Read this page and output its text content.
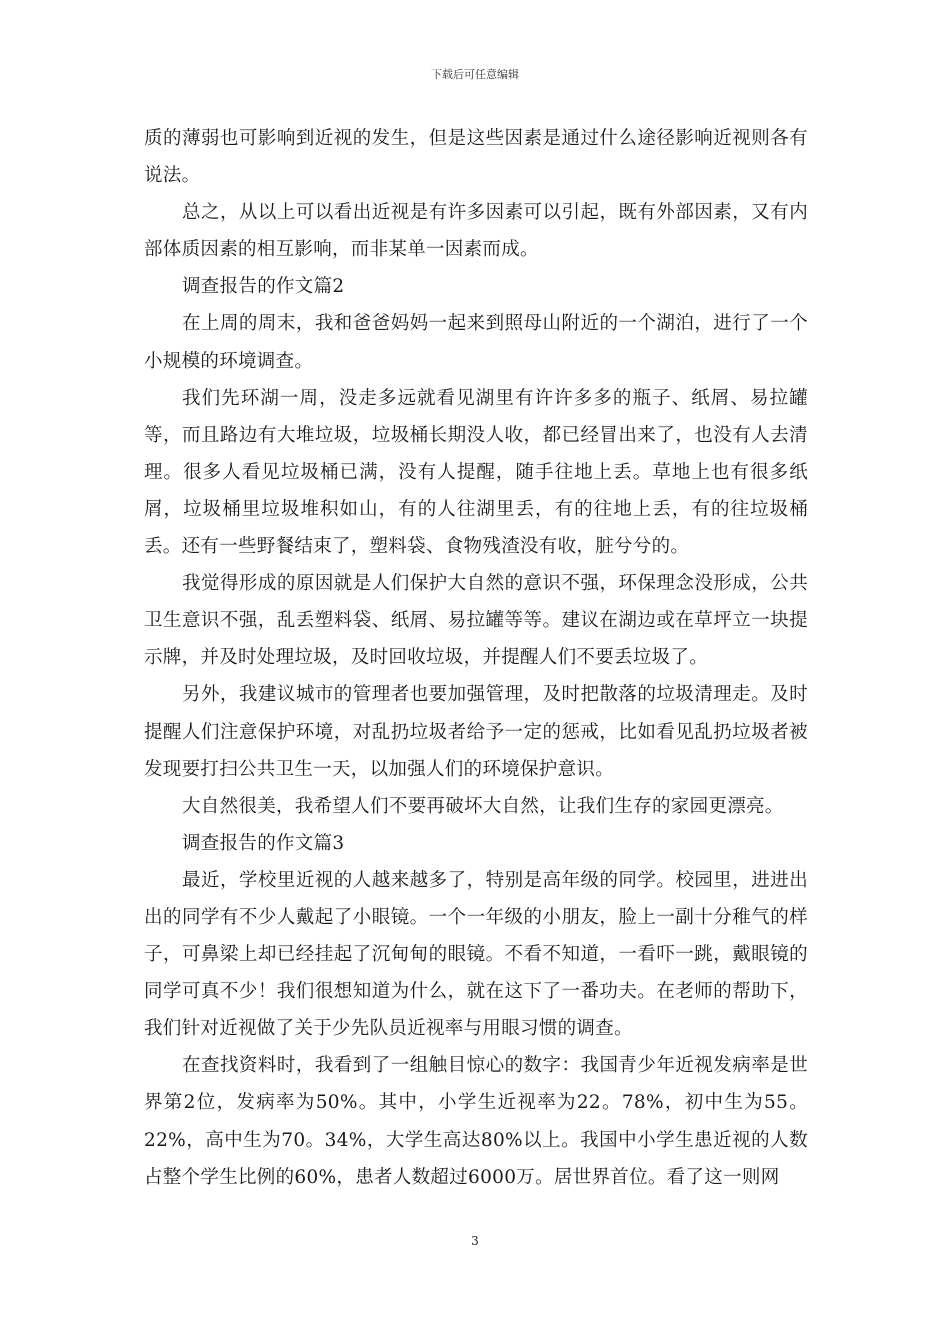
下载后可任意编辑

质的薄弱也可影响到近视的发生，但是这些因素是通过什么途径影响近视则各有说法。

总之，从以上可以看出近视是有许多因素可以引起，既有外部因素，又有内部体质因素的相互影响，而非某单一因素而成。

调查报告的作文篇2

在上周的周末，我和爸爸妈妈一起来到照母山附近的一个湖泊，进行了一个小规模的环境调查。

我们先环湖一周，没走多远就看见湖里有许许多多的瓶子、纸屑、易拉罐等，而且路边有大堆垃圾，垃圾桶长期没人收，都已经冒出来了，也没有人去清理。很多人看见垃圾桶已满，没有人提醒，随手往地上丢。草地上也有很多纸屑，垃圾桶里垃圾堆积如山，有的人往湖里丢，有的往地上丢，有的往垃圾桶丢。还有一些野餐结束了，塑料袋、食物残渣没有收，脏兮兮的。

我觉得形成的原因就是人们保护大自然的意识不强，环保理念没形成，公共卫生意识不强，乱丢塑料袋、纸屑、易拉罐等等。建议在湖边或在草坪立一块提示牌，并及时处理垃圾，及时回收垃圾，并提醒人们不要丢垃圾了。

另外，我建议城市的管理者也要加强管理，及时把散落的垃圾清理走。及时提醒人们注意保护环境，对乱扔垃圾者给予一定的惩戒，比如看见乱扔垃圾者被发现要打扫公共卫生一天，以加强人们的环境保护意识。

大自然很美，我希望人们不要再破坏大自然，让我们生存的家园更漂亮。

调查报告的作文篇3

最近，学校里近视的人越来越多了，特别是高年级的同学。校园里，进进出出的同学有不少人戴起了小眼镜。一个一年级的小朋友，脸上一副十分稚气的样子，可鼻梁上却已经挂起了沉甸甸的眼镜。不看不知道，一看吓一跳，戴眼镜的同学可真不少！我们很想知道为什么，就在这下了一番功夫。在老师的帮助下，我们针对近视做了关于少先队员近视率与用眼习惯的调查。

在查找资料时，我看到了一组触目惊心的数字：我国青少年近视发病率是世界第2位，发病率为50%。其中，小学生近视率为22。78%，初中生为55。22%，高中生为70。34%，大学生高达80%以上。我国中小学生患近视的人数占整个学生比例的60%，患者人数超过6000万。居世界首位。看了这一则网

3
